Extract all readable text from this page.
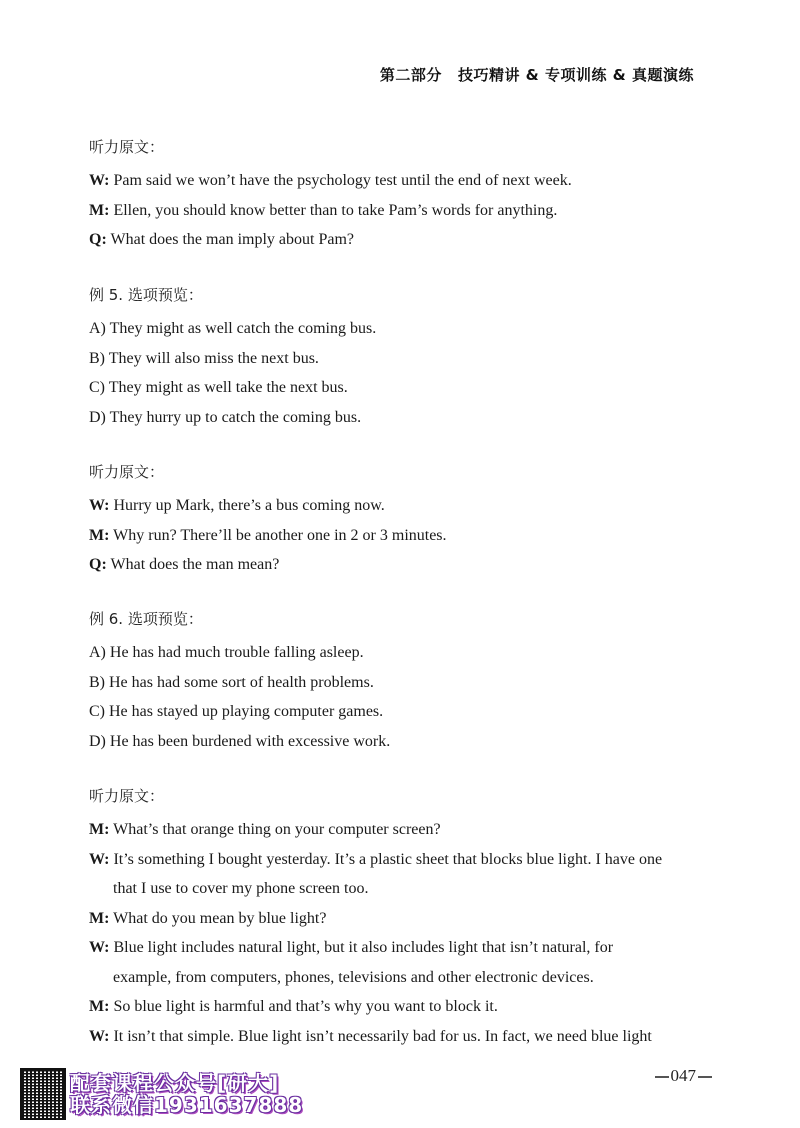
第二部分 技巧精讲 & 专项训练 & 真题演练
听力原文：
W: Pam said we won’t have the psychology test until the end of next week.
M: Ellen, you should know better than to take Pam’s words for anything.
Q: What does the man imply about Pam?
例 5. 选项预览：
A) They might as well catch the coming bus.
B) They will also miss the next bus.
C) They might as well take the next bus.
D) They hurry up to catch the coming bus.
听力原文：
W: Hurry up Mark, there’s a bus coming now.
M: Why run? There’ll be another one in 2 or 3 minutes.
Q: What does the man mean?
例 6. 选项预览：
A) He has had much trouble falling asleep.
B) He has had some sort of health problems.
C) He has stayed up playing computer games.
D) He has been burdened with excessive work.
听力原文：
M: What’s that orange thing on your computer screen?
W: It’s something I bought yesterday. It’s a plastic sheet that blocks blue light. I have one
that I use to cover my phone screen too.
M: What do you mean by blue light?
W: Blue light includes natural light, but it also includes light that isn’t natural, for
example, from computers, phones, televisions and other electronic devices.
M: So blue light is harmful and that’s why you want to block it.
W: It isn’t that simple. Blue light isn’t necessarily bad for us. In fact, we need blue light
配套课程公众号[研大]
联系微信1931637888
047
